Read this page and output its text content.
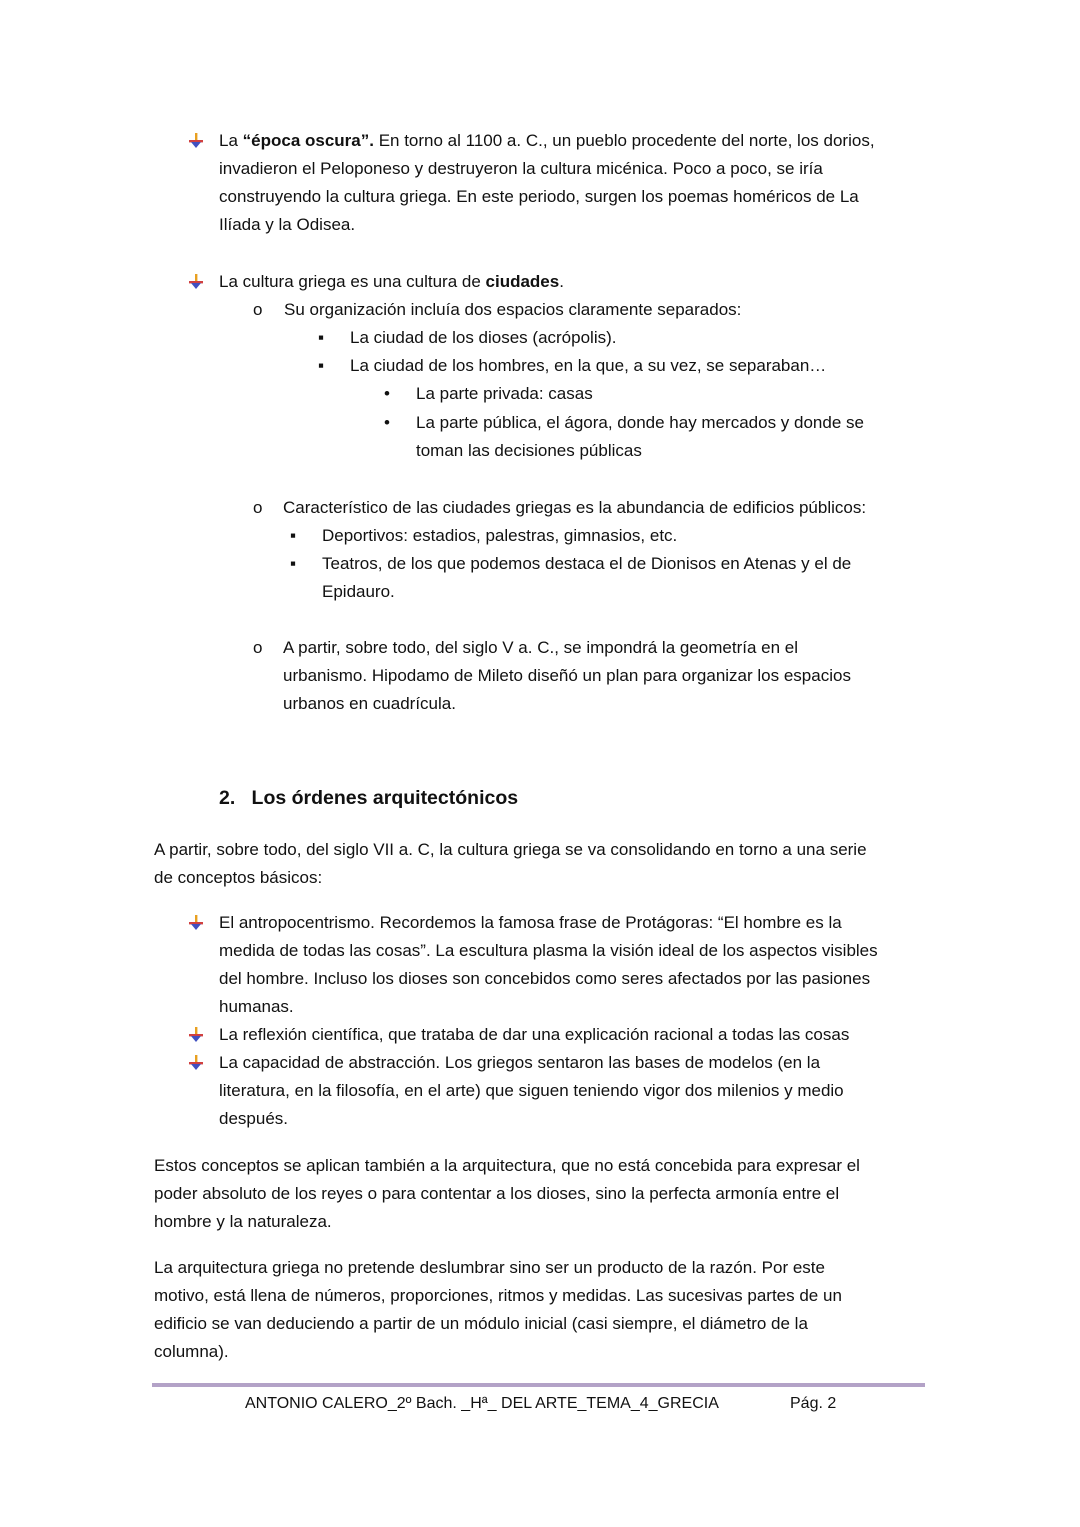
La “época oscura”. En torno al 1100 a. C., un pueblo procedente del norte, los dorios,
invadieron el Peloponeso y destruyeron la cultura micénica. Poco a poco, se iría
construyendo la cultura griega. En este periodo, surgen los poemas homéricos de La
Ilíada y la Odisea.
La cultura griega es una cultura de ciudades.
o Su organización incluía dos espacios claramente separados:
▪ La ciudad de los dioses (acrópolis).
▪ La ciudad de los hombres, en la que, a su vez, se separaban…
• La parte privada: casas
• La parte pública, el ágora, donde hay mercados y donde se
toman las decisiones públicas
o Característico de las ciudades griegas es la abundancia de edificios públicos:
▪ Deportivos: estadios, palestras, gimnasios, etc.
▪ Teatros, de los que podemos destaca el de Dionisos en Atenas y el de
Epidauro.
o A partir, sobre todo, del siglo V a. C., se impondrá la geometría en el
urbanismo. Hipodamo de Mileto diseñó un plan para organizar los espacios
urbanos en cuadrícula.
A partir, sobre todo, del siglo VII a. C, la cultura griega se va consolidando en torno a una serie
de conceptos básicos:
El antropocentrismo. Recordemos la famosa frase de Protágoras: “El hombre es la
medida de todas las cosas”. La escultura plasma la visión ideal de los aspectos visibles
del hombre. Incluso los dioses son concebidos como seres afectados por las pasiones
humanas.
La reflexión científica, que trataba de dar una explicación racional a todas las cosas
La capacidad de abstracción. Los griegos sentaron las bases de modelos (en la
literatura, en la filosofía, en el arte) que siguen teniendo vigor dos milenios y medio
después.
Estos conceptos se aplican también a la arquitectura, que no está concebida para expresar el
poder absoluto de los reyes o para contentar a los dioses, sino la perfecta armonía entre el
hombre y la naturaleza.
La arquitectura griega no pretende deslumbrar sino ser un producto de la razón. Por este
motivo, está llena de números, proporciones, ritmos y medidas. Las sucesivas partes de un
edificio se van deduciendo a partir de un módulo inicial (casi siempre, el diámetro de la
columna).
2. Los órdenes arquitectónicos
ANTONIO CALERO_2º Bach. _Hª_ DEL ARTE_TEMA_4_GRECIA	Pág. 2
